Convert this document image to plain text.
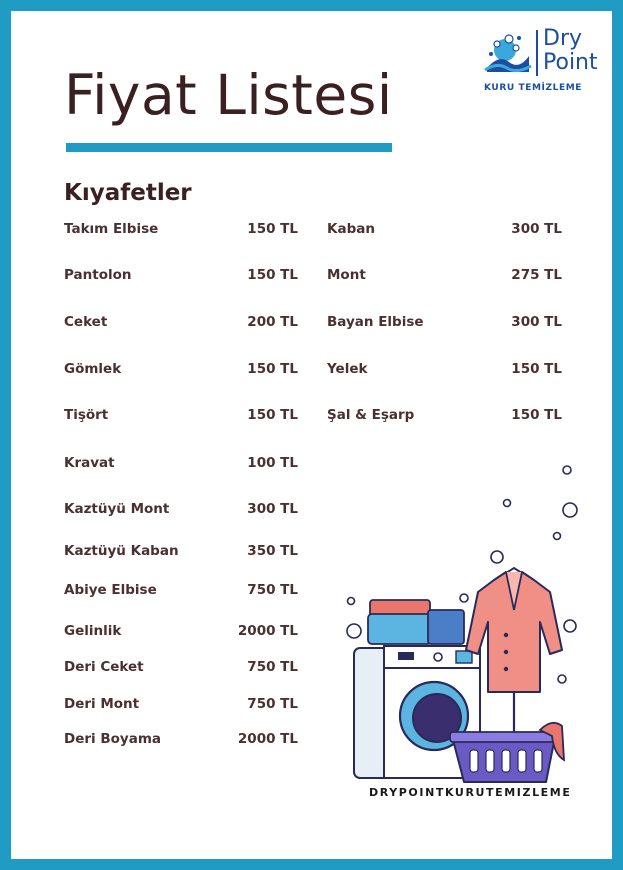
Dry
Point
KURU TEMİZLEME
Fiyat Listesi
Kıyafetler
Takım Elbise	150 TL
Pantolon	150 TL
Ceket	200 TL
Gömlek	150 TL
Tişört	150 TL
Kravat	100 TL
Kaztüyü Mont	300 TL
Kaztüyü Kaban	350 TL
Abiye Elbise	750 TL
Gelinlik	2000 TL
Deri Ceket	750 TL
Deri Mont	750 TL
Deri Boyama	2000 TL
Kaban	300 TL
Mont	275 TL
Bayan Elbise	300 TL
Yelek	150 TL
Şal & Eşarp	150 TL
DRYPOINTKURUTEMIZLEME
